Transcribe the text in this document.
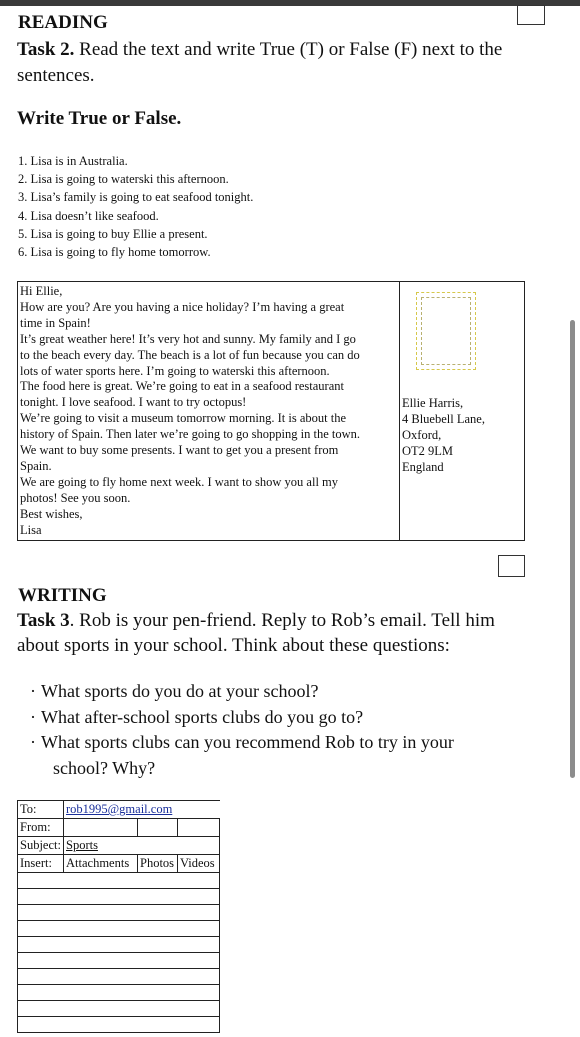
READING
Task 2. Read the text and write True (T) or False (F) next to the
sentences.
Write True or False.
1. Lisa is in Australia.
2. Lisa is going to waterski this afternoon.
3. Lisa’s family is going to eat seafood tonight.
4. Lisa doesn’t like seafood.
5. Lisa is going to buy Ellie a present.
6. Lisa is going to fly home tomorrow.
Hi Ellie,
How are you? Are you having a nice holiday? I’m having a great
time in Spain!
It’s great weather here! It’s very hot and sunny. My family and I go
to the beach every day. The beach is a lot of fun because you can do
lots of water sports here. I’m going to waterski this afternoon.
The food here is great. We’re going to eat in a seafood restaurant
tonight. I love seafood. I want to try octopus!
We’re going to visit a museum tomorrow morning. It is about the
history of Spain. Then later we’re going to go shopping in the town.
We want to buy some presents. I want to get you a present from
Spain.
We are going to fly home next week. I want to show you all my
photos! See you soon.
Best wishes,
Lisa
Ellie Harris,
4 Bluebell Lane,
Oxford,
OT2 9LM
England
WRITING
Task 3. Rob is your pen-friend. Reply to Rob’s email. Tell him
about sports in your school. Think about these questions:
· What sports do you do at your school?
· What after-school sports clubs do you go to?
· What sports clubs can you recommend Rob to try in your
school? Why?
To:	rob1995@gmail.com		
From:			
Subject:	Sports		
Insert:	Attachments	Photos	Videos
